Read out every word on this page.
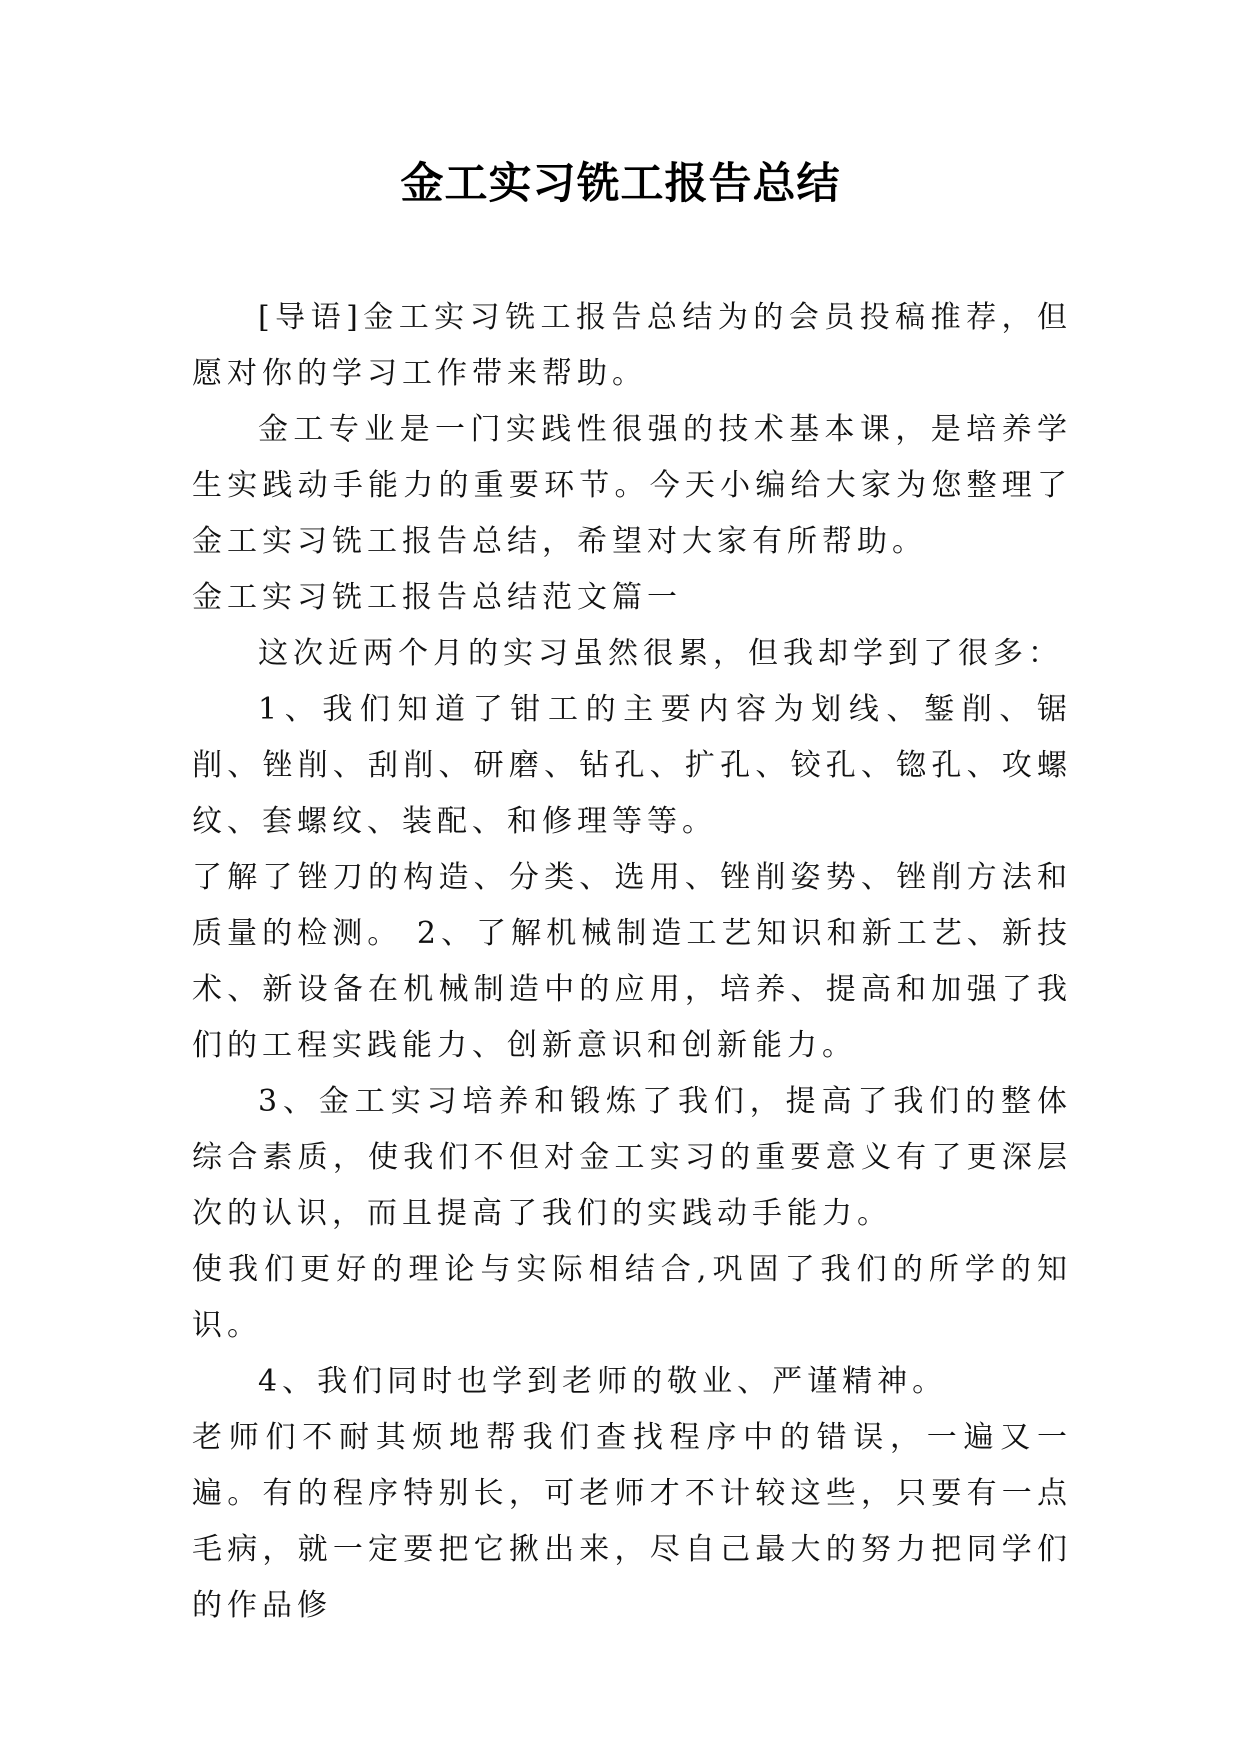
金工实习铣工报告总结

[导语]金工实习铣工报告总结为的会员投稿推荐，但愿对你的学习工作带来帮助。

金工专业是一门实践性很强的技术基本课，是培养学生实践动手能力的重要环节。今天小编给大家为您整理了金工实习铣工报告总结，希望对大家有所帮助。

金工实习铣工报告总结范文篇一

这次近两个月的实习虽然很累，但我却学到了很多：

1、我们知道了钳工的主要内容为划线、錾削、锯削、锉削、刮削、研磨、钻孔、扩孔、铰孔、锪孔、攻螺纹、套螺纹、装配、和修理等等。

了解了锉刀的构造、分类、选用、锉削姿势、锉削方法和质量的检测。 2、了解机械制造工艺知识和新工艺、新技术、新设备在机械制造中的应用，培养、提高和加强了我们的工程实践能力、创新意识和创新能力。

3、金工实习培养和锻炼了我们，提高了我们的整体综合素质，使我们不但对金工实习的重要意义有了更深层次的认识，而且提高了我们的实践动手能力。

使我们更好的理论与实际相结合,巩固了我们的所学的知识。

4、我们同时也学到老师的敬业、严谨精神。

老师们不耐其烦地帮我们查找程序中的错误，一遍又一遍。有的程序特别长，可老师才不计较这些，只要有一点毛病，就一定要把它揪出来，尽自己最大的努力把同学们的作品修
